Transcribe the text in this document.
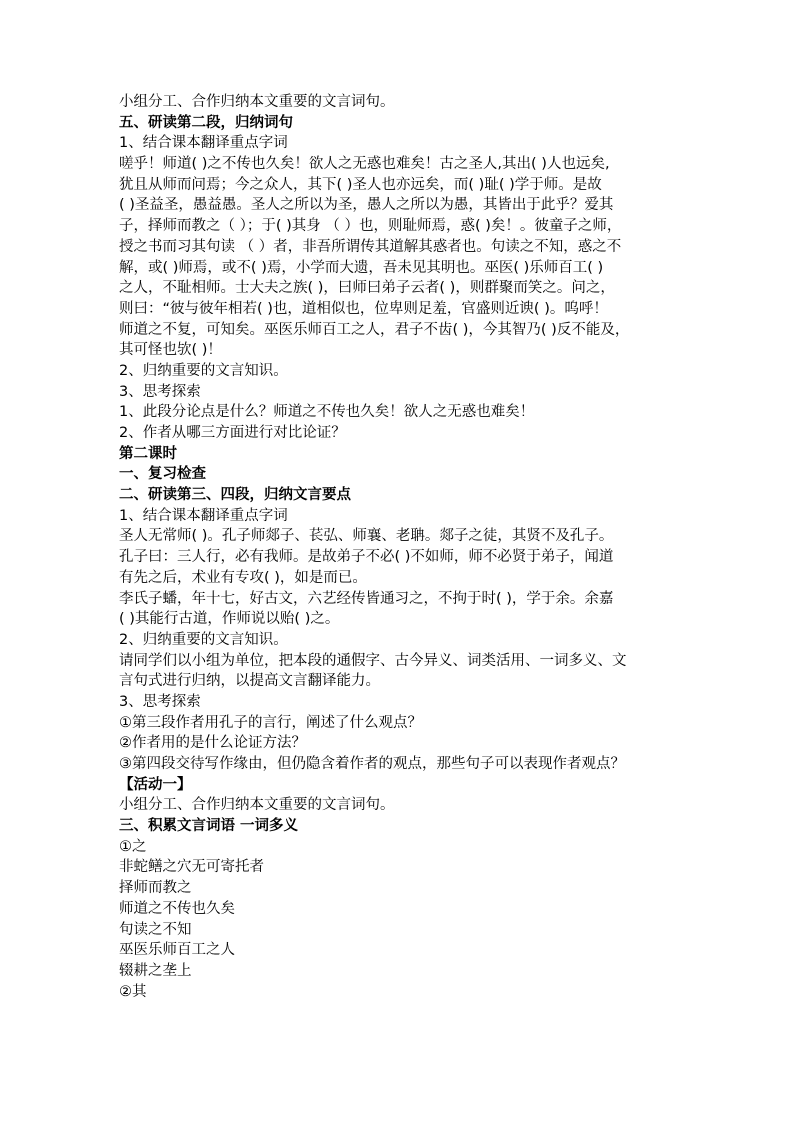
小组分工、合作归纳本文重要的文言词句。
五、研读第二段，归纳词句
1、结合课本翻译重点字词
嗟乎！师道( )之不传也久矣！欲人之无惑也难矣！古之圣人,其出( )人也远矣,
犹且从师而问焉；今之众人，其下( )圣人也亦远矣，而( )耻( )学于师。是故
( )圣益圣，愚益愚。圣人之所以为圣，愚人之所以为愚，其皆出于此乎？爱其
子，择师而教之（ ）；于( )其身 （ ）也，则耻师焉，惑( )矣！。彼童子之师，
授之书而习其句读 （ ）者，非吾所谓传其道解其惑者也。句读之不知，惑之不
解，或( )师焉，或不( )焉，小学而大遗，吾未见其明也。巫医( )乐师百工( )
之人，不耻相师。士大夫之族( )，曰师曰弟子云者( )，则群聚而笑之。问之，
则曰：“彼与彼年相若( )也，道相似也，位卑则足羞，官盛则近谀( )。呜呼！
师道之不复，可知矣。巫医乐师百工之人，君子不齿( )，今其智乃( )反不能及，
其可怪也欤( )！
2、归纳重要的文言知识。
3、思考探索
1、此段分论点是什么？师道之不传也久矣！欲人之无惑也难矣！
2、作者从哪三方面进行对比论证？
第二课时
一、复习检查
二、研读第三、四段，归纳文言要点
1、结合课本翻译重点字词
圣人无常师( )。孔子师郯子、苌弘、师襄、老聃。郯子之徒，其贤不及孔子。
孔子曰：三人行，必有我师。是故弟子不必( )不如师，师不必贤于弟子，闻道
有先之后，术业有专攻( )，如是而已。
李氏子蟠，年十七，好古文，六艺经传皆通习之，不拘于时( )，学于余。余嘉
( )其能行古道，作师说以贻( )之。
2、归纳重要的文言知识。
请同学们以小组为单位，把本段的通假字、古今异义、词类活用、一词多义、文
言句式进行归纳，以提高文言翻译能力。
3、思考探索
①第三段作者用孔子的言行，阐述了什么观点？
②作者用的是什么论证方法？
③第四段交待写作缘由，但仍隐含着作者的观点，那些句子可以表现作者观点？
【活动一】
小组分工、合作归纳本文重要的文言词句。
三、积累文言词语 一词多义
①之
非蛇鳝之穴无可寄托者
择师而教之
师道之不传也久矣
句读之不知
巫医乐师百工之人
辍耕之垄上
②其
